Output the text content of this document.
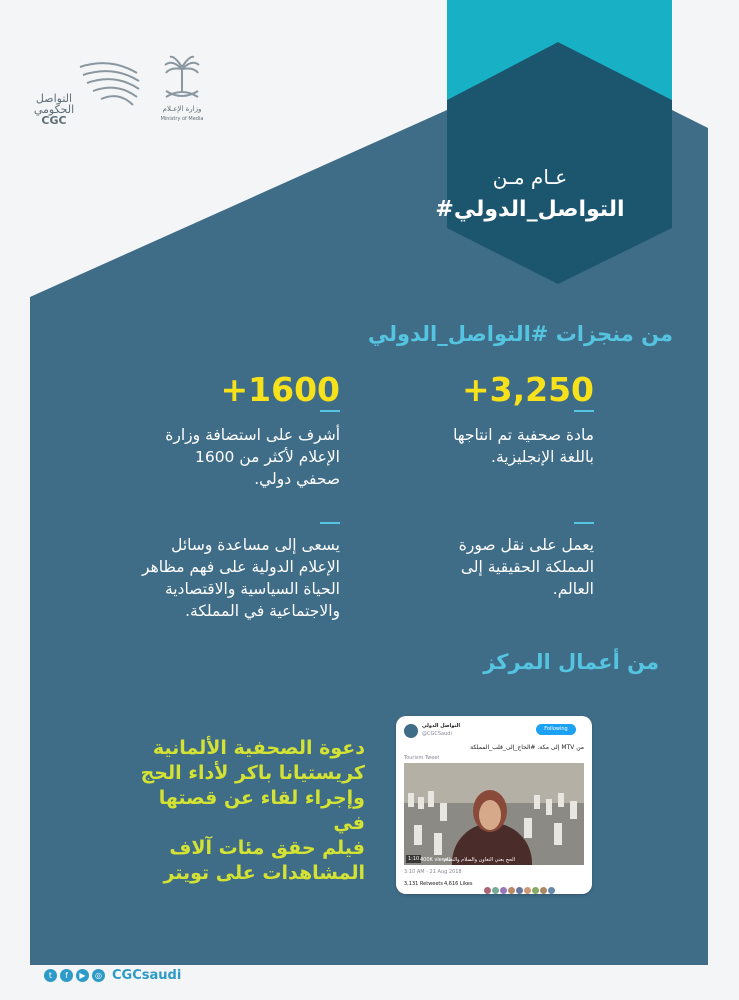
التواصل
الحكومي
CGC
وزارة الإعـلام
Ministry of Media
عـام مـن
#التواصل_الدولي
من منجزات #التواصل_الدولي
+3,250
مادة صحفية تم انتاجها
باللغة الإنجليزية.
يعمل على نقل صورة
المملكة الحقيقية إلى
العالم.
+1600
أشرف على استضافة وزارة
الإعلام لأكثر من 1600
صحفي دولي.
يسعى إلى مساعدة وسائل
الإعلام الدولية على فهم مظاهر
الحياة السياسية والاقتصادية
والاجتماعية في المملكة.
من أعمال المركز
دعوة الصحفية الألمانية
كريستيانا باكر لأداء الحج
وإجراء لقاء عن قصتها في
فيلم حقق مئات آلاف
المشاهدات على تويتر
التواصل الدولي
@CGCSaudi
Following
من MTV إلى مكة. #الحاج_إلى_قلب_المملكة
Tourism Tweet
1:10 400K views
الحج يعني التعاون والسلام والنظام
3:10 AM - 21 Aug 2018
3,131 Retweets 4,616 Likes
t	f	▶	◎ CGCsaudi
